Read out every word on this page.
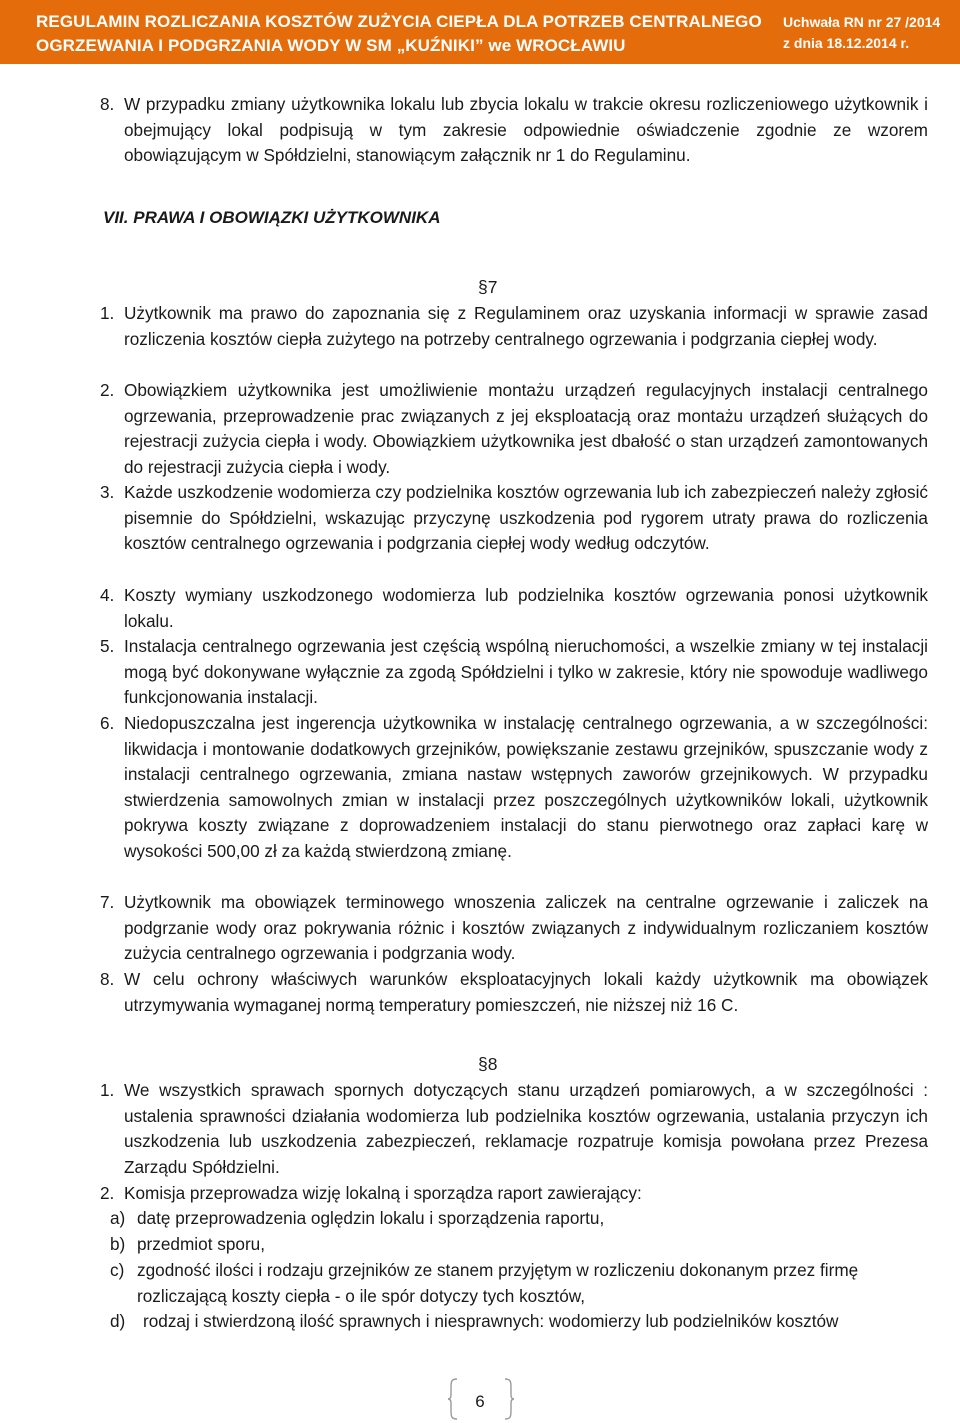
REGULAMIN ROZLICZANIA KOSZTÓW ZUŻYCIA CIEPŁA DLA POTRZEB CENTRALNEGO
OGRZEWANIA I PODGRZANIA WODY W SM „KUŹNIKI” we WROCŁAWIU
Uchwała RN nr 27 /2014
z dnia 18.12.2014 r.
8. W przypadku zmiany użytkownika lokalu lub zbycia lokalu w trakcie okresu rozliczeniowego użytkownik i obejmujący lokal podpisują w tym zakresie odpowiednie oświadczenie zgodnie ze wzorem obowiązującym w Spółdzielni, stanowiącym załącznik nr 1 do Regulaminu.
VII. PRAWA I OBOWIĄZKI UŻYTKOWNIKA
§7
1. Użytkownik ma prawo do zapoznania się z Regulaminem oraz uzyskania informacji w sprawie zasad rozliczenia kosztów ciepła zużytego na potrzeby centralnego ogrzewania i podgrzania ciepłej wody.
2. Obowiązkiem użytkownika jest umożliwienie montażu urządzeń regulacyjnych instalacji centralnego ogrzewania, przeprowadzenie prac związanych z jej eksploatacją oraz montażu urządzeń służących do rejestracji zużycia ciepła i wody. Obowiązkiem użytkownika jest dbałość o stan urządzeń zamontowanych do rejestracji zużycia ciepła i wody.
3. Każde uszkodzenie wodomierza czy podzielnika kosztów ogrzewania lub ich zabezpieczeń należy zgłosić pisemnie do Spółdzielni, wskazując przyczynę uszkodzenia pod rygorem utraty prawa do rozliczenia kosztów centralnego ogrzewania i podgrzania ciepłej wody według odczytów.
4. Koszty wymiany uszkodzonego wodomierza lub podzielnika kosztów ogrzewania ponosi użytkownik lokalu.
5. Instalacja centralnego ogrzewania jest częścią wspólną nieruchomości, a wszelkie zmiany w tej instalacji mogą być dokonywane wyłącznie za zgodą Spółdzielni i tylko w zakresie, który nie spowoduje wadliwego funkcjonowania instalacji.
6. Niedopuszczalna jest ingerencja użytkownika w instalację centralnego ogrzewania, a w szczególności: likwidacja i montowanie dodatkowych grzejników, powiększanie zestawu grzejników, spuszczanie wody z instalacji centralnego ogrzewania, zmiana nastaw wstępnych zaworów grzejnikowych. W przypadku stwierdzenia samowolnych zmian w instalacji przez poszczególnych użytkowników lokali, użytkownik pokrywa koszty związane z doprowadzeniem instalacji do stanu pierwotnego oraz zapłaci karę w wysokości 500,00 zł za każdą stwierdzoną zmianę.
7. Użytkownik ma obowiązek terminowego wnoszenia zaliczek na centralne ogrzewanie i zaliczek na podgrzanie wody oraz pokrywania różnic i kosztów związanych z indywidualnym rozliczaniem kosztów zużycia centralnego ogrzewania i podgrzania wody.
8. W celu ochrony właściwych warunków eksploatacyjnych lokali każdy użytkownik ma obowiązek utrzymywania wymaganej normą temperatury pomieszczeń, nie niższej niż 16 C.
§8
1. We wszystkich sprawach spornych dotyczących stanu urządzeń pomiarowych, a w szczególności : ustalenia sprawności działania wodomierza lub podzielnika kosztów ogrzewania, ustalania przyczyn ich uszkodzenia lub uszkodzenia zabezpieczeń, reklamacje rozpatruje komisja powołana przez Prezesa Zarządu Spółdzielni.
2. Komisja przeprowadza wizję lokalną i sporządza raport zawierający:
a) datę przeprowadzenia oględzin lokalu i sporządzenia raportu,
b) przedmiot sporu,
c) zgodność ilości i rodzaju grzejników ze stanem przyjętym w rozliczeniu dokonanym przez firmę rozliczającą koszty ciepła - o ile spór dotyczy tych kosztów,
d) rodzaj i stwierdzoną ilość sprawnych i niesprawnych: wodomierzy lub podzielników kosztów
6
